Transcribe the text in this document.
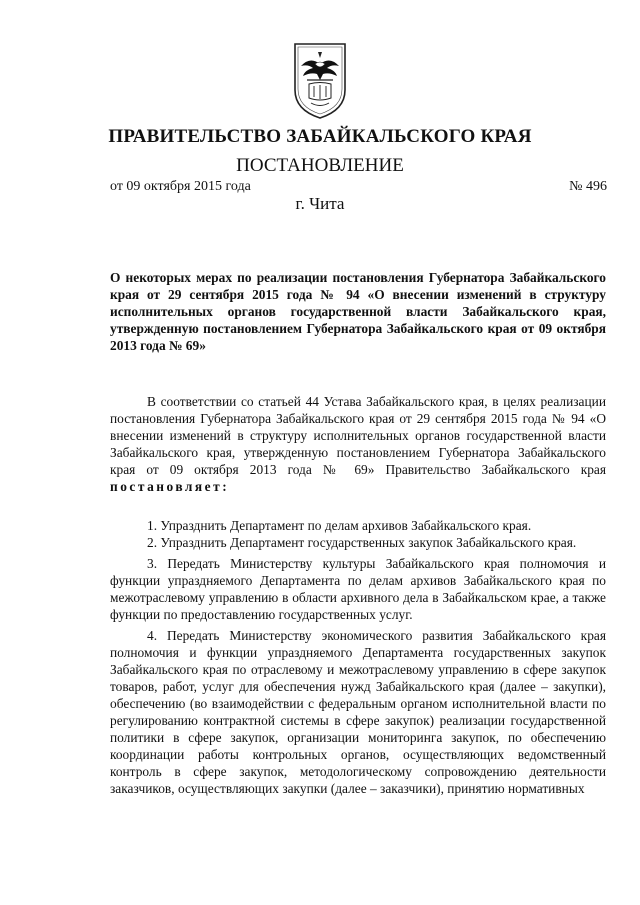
ПРАВИТЕЛЬСТВО ЗАБАЙКАЛЬСКОГО КРАЯ
ПОСТАНОВЛЕНИЕ
от 09 октября 2015 года	№ 496
г. Чита
О некоторых мерах по реализации постановления Губернатора Забайкальского края от 29 сентября 2015 года № 94 «О внесении изменений в структуру исполнительных органов государственной власти Забайкальского края, утвержденную постановлением Губернатора Забайкальского края от 09 октября 2013 года № 69»

В соответствии со статьей 44 Устава Забайкальского края, в целях реализации постановления Губернатора Забайкальского края от 29 сентября 2015 года № 94 «О внесении изменений в структуру исполнительных органов государственной власти Забайкальского края, утвержденную постановлением Губернатора Забайкальского края от 09 октября 2013 года № 69» Правительство Забайкальского края постановляет:

1. Упразднить Департамент по делам архивов Забайкальского края.

2. Упразднить Департамент государственных закупок Забайкальского края.

3. Передать Министерству культуры Забайкальского края полномочия и функции упраздняемого Департамента по делам архивов Забайкальского края по межотраслевому управлению в области архивного дела в Забайкальском крае, а также функции по предоставлению государственных услуг.

4. Передать Министерству экономического развития Забайкальского края полномочия и функции упраздняемого Департамента государственных закупок Забайкальского края по отраслевому и межотраслевому управлению в сфере закупок товаров, работ, услуг для обеспечения нужд Забайкальского края (далее – закупки), обеспечению (во взаимодействии с федеральным органом исполнительной власти по регулированию контрактной системы в сфере закупок) реализации государственной политики в сфере закупок, организации мониторинга закупок, по обеспечению координации работы контрольных органов, осуществляющих ведомственный контроль в сфере закупок, методологическому сопровождению деятельности заказчиков, осуществляющих закупки (далее – заказчики), принятию нормативных
